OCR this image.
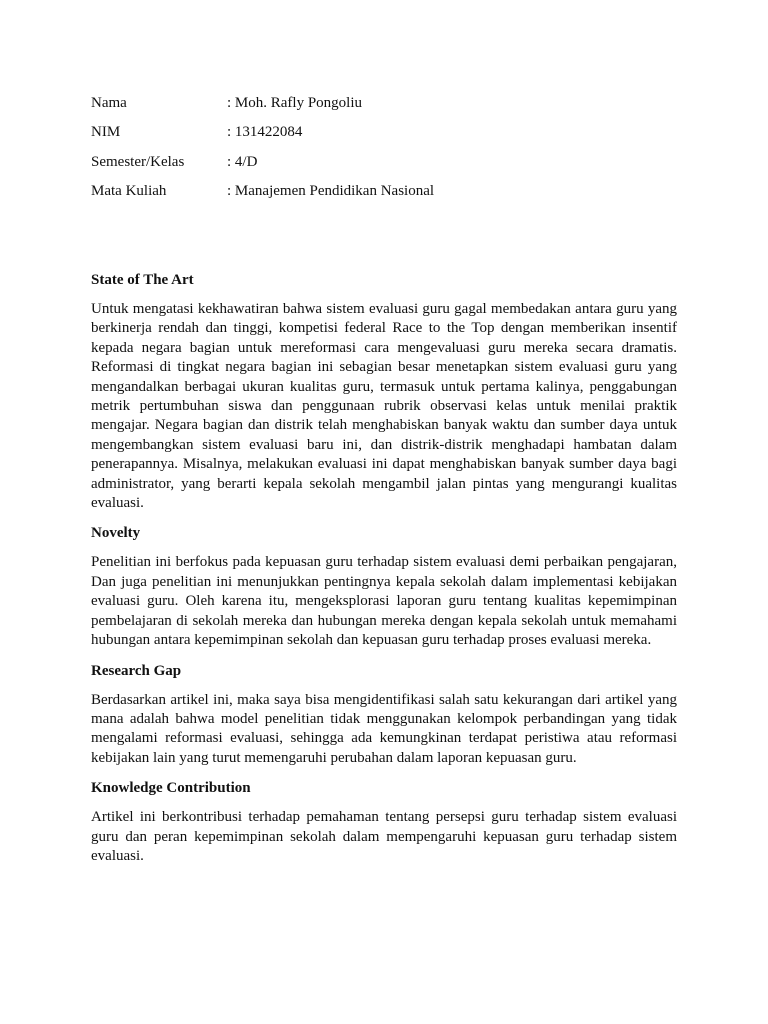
Nama	: Moh. Rafly Pongoliu
NIM	: 131422084
Semester/Kelas	: 4/D
Mata Kuliah	: Manajemen Pendidikan Nasional
State of The Art

Untuk mengatasi kekhawatiran bahwa sistem evaluasi guru gagal membedakan antara guru yang berkinerja rendah dan tinggi, kompetisi federal Race to the Top dengan memberikan insentif kepada negara bagian untuk mereformasi cara mengevaluasi guru mereka secara dramatis. Reformasi di tingkat negara bagian ini sebagian besar menetapkan sistem evaluasi guru yang mengandalkan berbagai ukuran kualitas guru, termasuk untuk pertama kalinya, penggabungan metrik pertumbuhan siswa dan penggunaan rubrik observasi kelas untuk menilai praktik mengajar. Negara bagian dan distrik telah menghabiskan banyak waktu dan sumber daya untuk mengembangkan sistem evaluasi baru ini, dan distrik-distrik menghadapi hambatan dalam penerapannya. Misalnya, melakukan evaluasi ini dapat menghabiskan banyak sumber daya bagi administrator, yang berarti kepala sekolah mengambil jalan pintas yang mengurangi kualitas evaluasi.

Novelty

Penelitian ini berfokus pada kepuasan guru terhadap sistem evaluasi demi perbaikan pengajaran, Dan juga penelitian ini menunjukkan pentingnya kepala sekolah dalam implementasi kebijakan evaluasi guru. Oleh karena itu, mengeksplorasi laporan guru tentang kualitas kepemimpinan pembelajaran di sekolah mereka dan hubungan mereka dengan kepala sekolah untuk memahami hubungan antara kepemimpinan sekolah dan kepuasan guru terhadap proses evaluasi mereka.

Research Gap

Berdasarkan artikel ini, maka saya bisa mengidentifikasi salah satu kekurangan dari artikel yang mana adalah bahwa model penelitian tidak menggunakan kelompok perbandingan yang tidak mengalami reformasi evaluasi, sehingga ada kemungkinan terdapat peristiwa atau reformasi kebijakan lain yang turut memengaruhi perubahan dalam laporan kepuasan guru.

Knowledge Contribution

Artikel ini berkontribusi terhadap pemahaman tentang persepsi guru terhadap sistem evaluasi guru dan peran kepemimpinan sekolah dalam mempengaruhi kepuasan guru terhadap sistem evaluasi.
